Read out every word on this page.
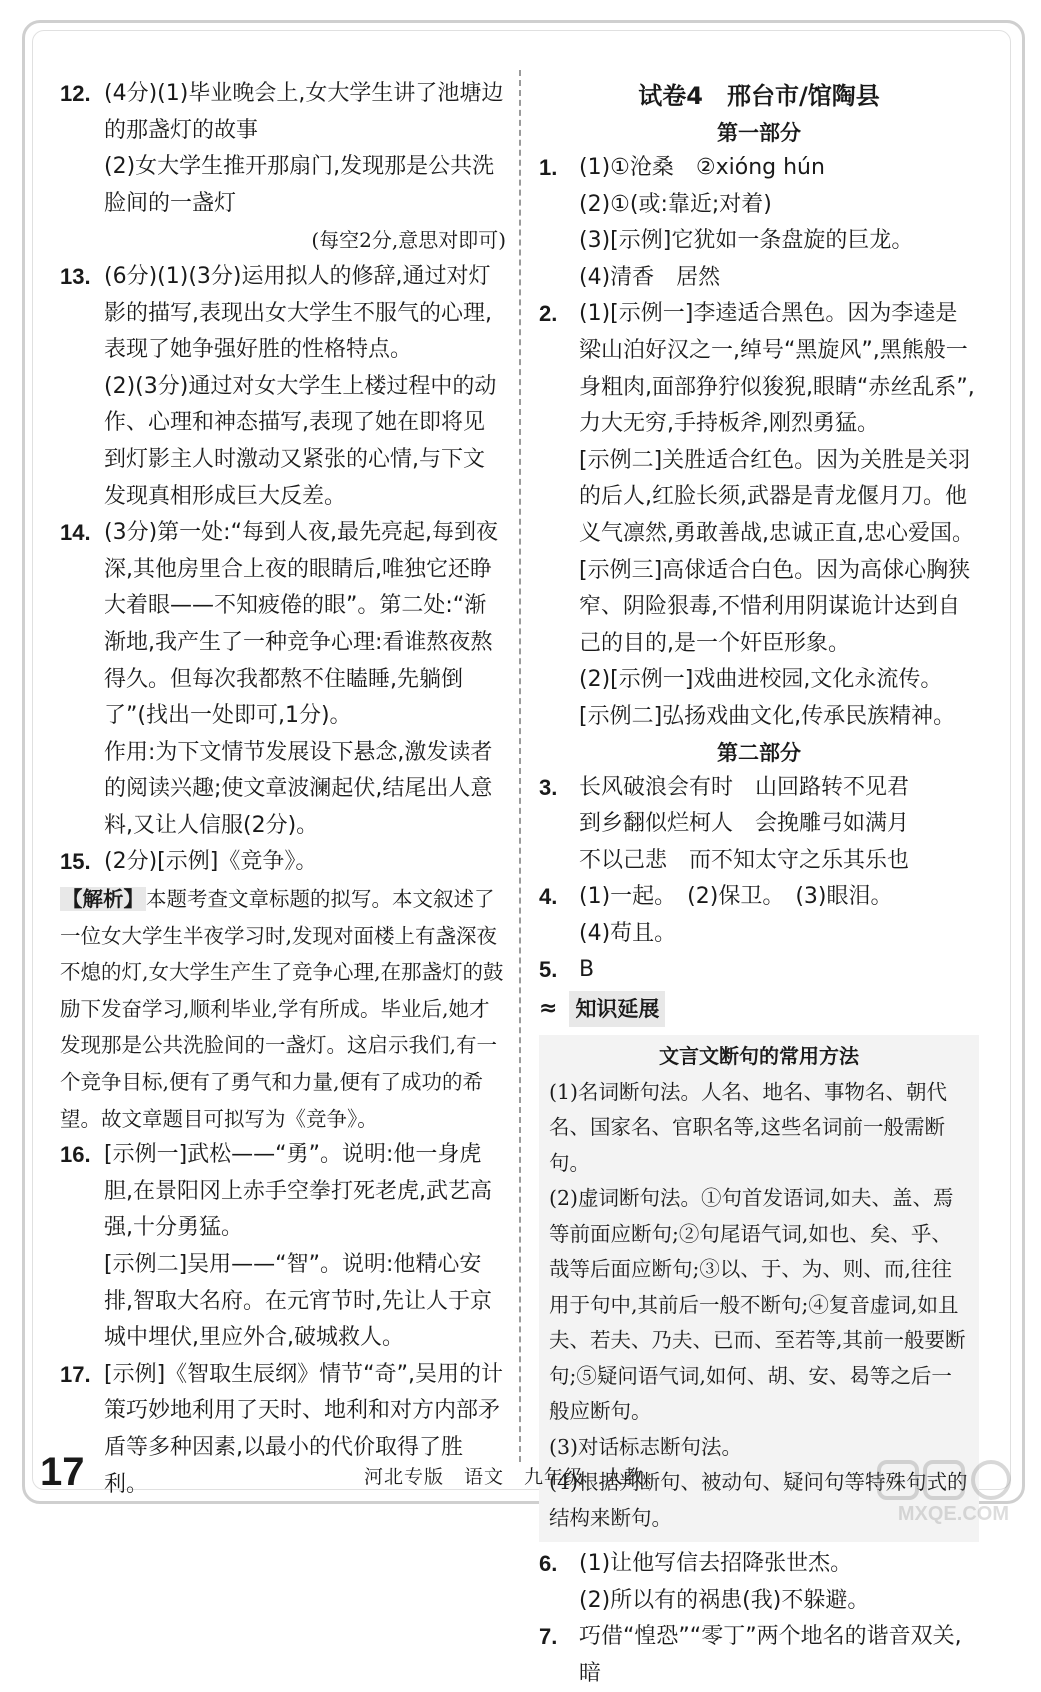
12. (4分)(1)毕业晚会上,女大学生讲了池塘边的那盏灯的故事
(2)女大学生推开那扇门,发现那是公共洗脸间的一盏灯
(每空2分,意思对即可)
13. (6分)(1)(3分)运用拟人的修辞,通过对灯影的描写,表现出女大学生不服气的心理,表现了她争强好胜的性格特点。
(2)(3分)通过对女大学生上楼过程中的动作、心理和神态描写,表现了她在即将见到灯影主人时激动又紧张的心情,与下文发现真相形成巨大反差。
14. (3分)第一处:“每到人夜,最先亮起,每到夜深,其他房里合上夜的眼睛后,唯独它还睁大着眼——不知疲倦的眼”。第二处:“渐渐地,我产生了一种竞争心理:看谁熬夜熬得久。但每次我都熬不住瞌睡,先躺倒了”(找出一处即可,1分)。
作用:为下文情节发展设下悬念,激发读者的阅读兴趣;使文章波澜起伏,结尾出人意料,又让人信服(2分)。
15. (2分)[示例]《竞争》。
【解析】本题考查文章标题的拟写。本文叙述了一位女大学生半夜学习时,发现对面楼上有盏深夜不熄的灯,女大学生产生了竞争心理,在那盏灯的鼓励下发奋学习,顺利毕业,学有所成。毕业后,她才发现那是公共洗脸间的一盏灯。这启示我们,有一个竞争目标,便有了勇气和力量,便有了成功的希望。故文章题目可拟写为《竞争》。
16. [示例一]武松——“勇”。说明:他一身虎胆,在景阳冈上赤手空拳打死老虎,武艺高强,十分勇猛。
[示例二]吴用——“智”。说明:他精心安排,智取大名府。在元宵节时,先让人于京城中埋伏,里应外合,破城救人。
17. [示例]《智取生辰纲》情节“奇”,吴用的计策巧妙地利用了天时、地利和对方内部矛盾等多种因素,以最小的代价取得了胜利。
试卷4　邢台市/馆陶县
第一部分
1. (1)①沧桑　②xióng hún
(2)①(或:靠近;对着)
(3)[示例]它犹如一条盘旋的巨龙。
(4)清香　居然
2. (1)[示例一]李逵适合黑色。因为李逵是梁山泊好汉之一,绰号“黑旋风”,黑熊般一身粗肉,面部狰狞似狻猊,眼睛“赤丝乱系”,力大无穷,手持板斧,刚烈勇猛。
[示例二]关胜适合红色。因为关胜是关羽的后人,红脸长须,武器是青龙偃月刀。他义气凛然,勇敢善战,忠诚正直,忠心爱国。
[示例三]高俅适合白色。因为高俅心胸狭窄、阴险狠毒,不惜利用阴谋诡计达到自己的目的,是一个奸臣形象。
(2)[示例一]戏曲进校园,文化永流传。
[示例二]弘扬戏曲文化,传承民族精神。
第二部分
3. 长风破浪会有时　山回路转不见君
到乡翻似烂柯人　会挽雕弓如满月
不以己悲　而不知太守之乐其乐也
4. (1)一起。　(2)保卫。　(3)眼泪。
(4)苟且。
5. B
≈ 知识延展
文言文断句的常用方法
(1)名词断句法。人名、地名、事物名、朝代名、国家名、官职名等,这些名词前一般需断句。
(2)虚词断句法。①句首发语词,如夫、盖、焉等前面应断句;②句尾语气词,如也、矣、乎、哉等后面应断句;③以、于、为、则、而,往往用于句中,其前后一般不断句;④复音虚词,如且夫、若夫、乃夫、已而、至若等,其前一般要断句;⑤疑问语气词,如何、胡、安、曷等之后一般应断句。
(3)对话标志断句法。
(4)根据判断句、被动句、疑问句等特殊句式的结构来断句。
6. (1)让他写信去招降张世杰。
(2)所以有的祸患(我)不躲避。
7. 巧借“惶恐”“零丁”两个地名的谐音双关,暗
17	河北专版　语文　九年级　人教
MXQE.COM
